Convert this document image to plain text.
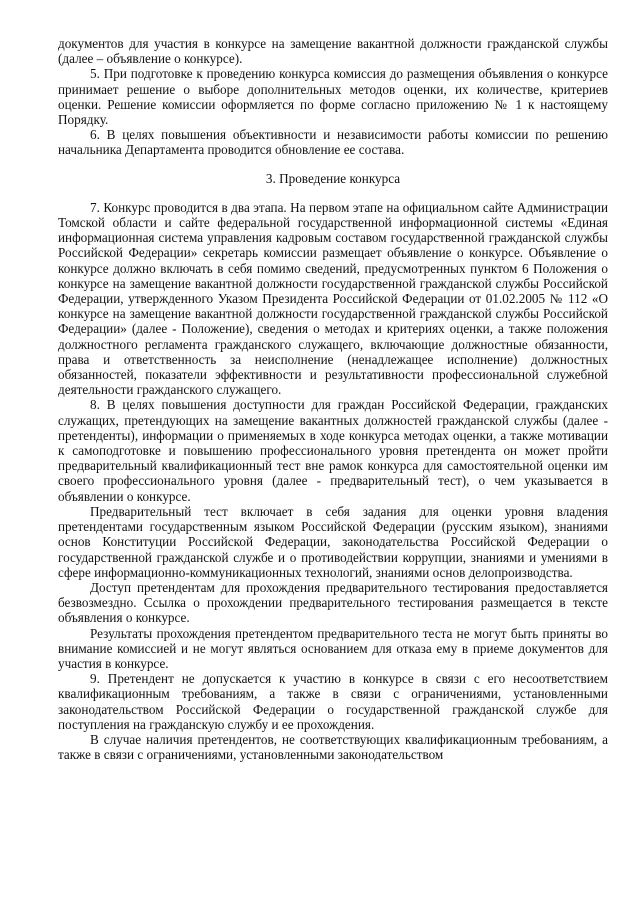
документов для участия в конкурсе на замещение вакантной должности гражданской службы (далее – объявление о конкурсе).

5. При подготовке к проведению конкурса комиссия до размещения объявления о конкурсе принимает решение о выборе дополнительных методов оценки, их количестве, критериев оценки. Решение комиссии оформляется по форме согласно приложению № 1 к настоящему Порядку.

6. В целях повышения объективности и независимости работы комиссии по решению начальника Департамента проводится обновление ее состава.

3. Проведение конкурса

7. Конкурс проводится в два этапа. На первом этапе на официальном сайте Администрации Томской области и сайте федеральной государственной информационной системы «Единая информационная система управления кадровым составом государственной гражданской службы Российской Федерации» секретарь комиссии размещает объявление о конкурсе. Объявление о конкурсе должно включать в себя помимо сведений, предусмотренных пунктом 6 Положения о конкурсе на замещение вакантной должности государственной гражданской службы Российской Федерации, утвержденного Указом Президента Российской Федерации от 01.02.2005 № 112 «О конкурсе на замещение вакантной должности государственной гражданской службы Российской Федерации» (далее - Положение), сведения о методах и критериях оценки, а также положения должностного регламента гражданского служащего, включающие должностные обязанности, права и ответственность за неисполнение (ненадлежащее исполнение) должностных обязанностей, показатели эффективности и результативности профессиональной служебной деятельности гражданского служащего.

8. В целях повышения доступности для граждан Российской Федерации, гражданских служащих, претендующих на замещение вакантных должностей гражданской службы (далее - претенденты), информации о применяемых в ходе конкурса методах оценки, а также мотивации к самоподготовке и повышению профессионального уровня претендента он может пройти предварительный квалификационный тест вне рамок конкурса для самостоятельной оценки им своего профессионального уровня (далее - предварительный тест), о чем указывается в объявлении о конкурсе.

Предварительный тест включает в себя задания для оценки уровня владения претендентами государственным языком Российской Федерации (русским языком), знаниями основ Конституции Российской Федерации, законодательства Российской Федерации о государственной гражданской службе и о противодействии коррупции, знаниями и умениями в сфере информационно-коммуникационных технологий, знаниями основ делопроизводства.

Доступ претендентам для прохождения предварительного тестирования предоставляется безвозмездно. Ссылка о прохождении предварительного тестирования размещается в тексте объявления о конкурсе.

Результаты прохождения претендентом предварительного теста не могут быть приняты во внимание комиссией и не могут являться основанием для отказа ему в приеме документов для участия в конкурсе.

9. Претендент не допускается к участию в конкурсе в связи с его несоответствием квалификационным требованиям, а также в связи с ограничениями, установленными законодательством Российской Федерации о государственной гражданской службе для поступления на гражданскую службу и ее прохождения.

В случае наличия претендентов, не соответствующих квалификационным требованиям, а также в связи с ограничениями, установленными законодательством
